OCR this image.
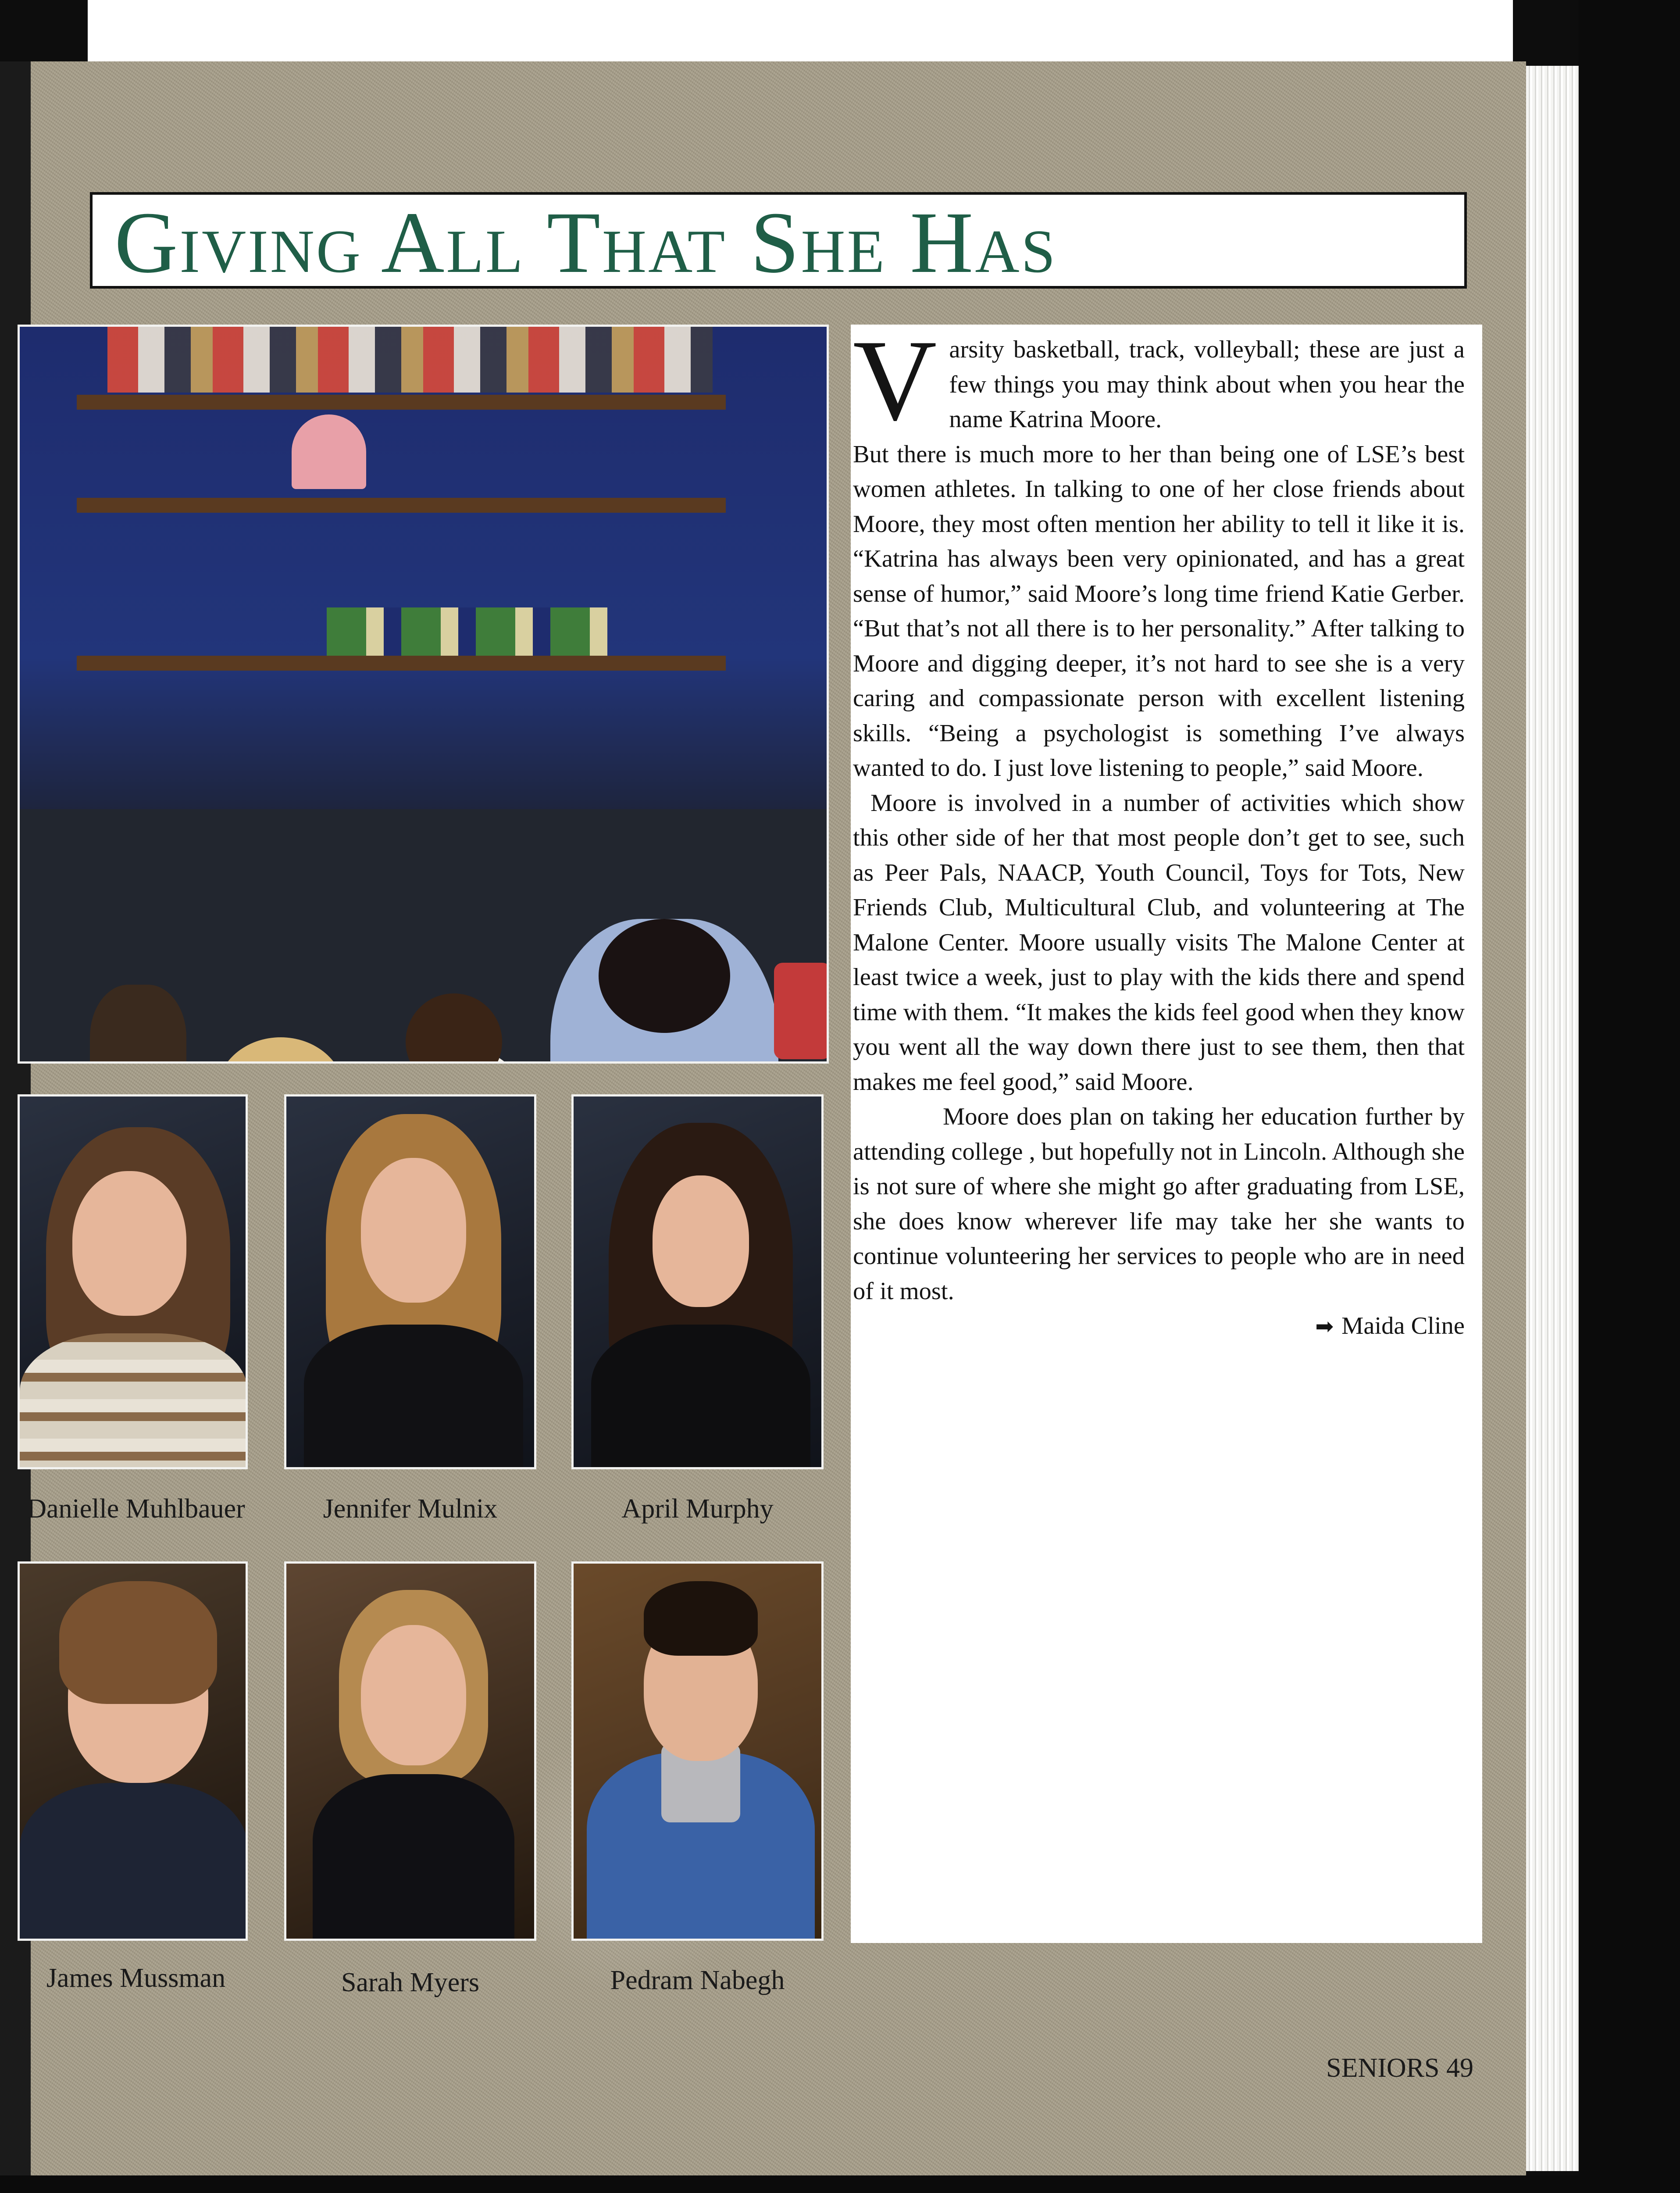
Giving All That She Has
Danielle Muhlbauer	Jennifer Mulnix	April Murphy
James Mussman	Sarah Myers	Pedram Nabegh

Varsity basketball, track, volleyball; these are just a few things you may think about when you hear the name Katrina Moore.

But there is much more to her than being one of LSE’s best women athletes. In talking to one of her close friends about Moore, they most often mention her ability to tell it like it is. “Katrina has always been very opinionated, and has a great sense of humor,” said Moore’s long time friend Katie Gerber. “But that’s not all there is to her personality.” After talking to Moore and digging deeper, it’s not hard to see she is a very caring and compassionate person with excellent listening skills. “Being a psychologist is something I’ve always wanted to do. I just love listening to people,” said Moore.

Moore is involved in a number of activities which show this other side of her that most people don’t get to see, such as Peer Pals, NAACP, Youth Council, Toys for Tots, New Friends Club, Multicultural Club, and volunteering at The Malone Center. Moore usually visits The Malone Center at least twice a week, just to play with the kids there and spend time with them. “It makes the kids feel good when they know you went all the way down there just to see them, then that makes me feel good,” said Moore.

Moore does plan on taking her education further by attending college , but hopefully not in Lincoln. Although she is not sure of where she might go after graduating from LSE, she does know wherever life may take her she wants to continue volunteering her services to people who are in need of it most.

➡ Maida Cline

SENIORS 49
